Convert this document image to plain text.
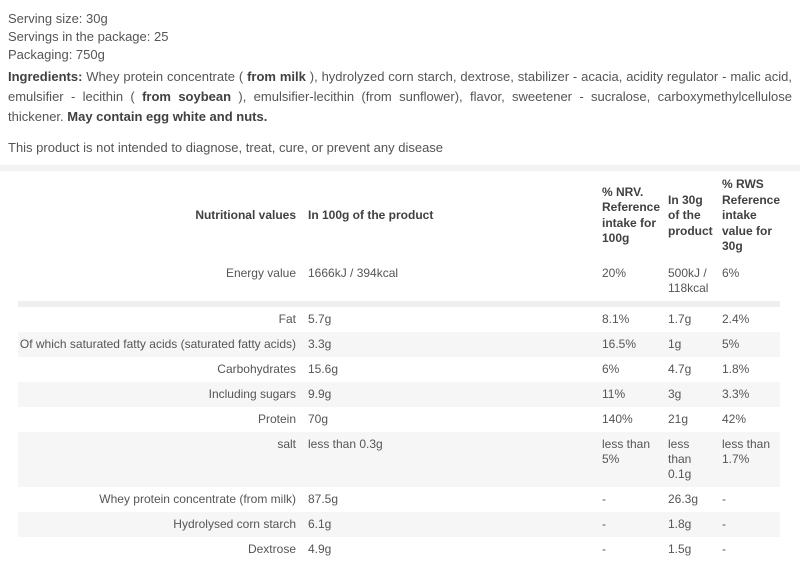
Serving size: 30g
Servings in the package: 25
Packaging: 750g

Ingredients: Whey protein concentrate ( from milk ), hydrolyzed corn starch, dextrose, stabilizer - acacia, acidity regulator - malic acid, emulsifier - lecithin ( from soybean ), emulsifier-lecithin (from sunflower), flavor, sweetener - sucralose, carboxymethylcellulose thickener. May contain egg white and nuts.

This product is not intended to diagnose, treat, cure, or prevent any disease
Nutritional values	In 100g of the product	% NRV. Reference intake for 100g	In 30g of the product	% RWS Reference intake value for 30g
Energy value	1666kJ / 394kcal	20%	500kJ / 118kcal	6%

Fat	5.7g	8.1%	1.7g	2.4%
Of which saturated fatty acids (saturated fatty acids)	3.3g	16.5%	1g	5%
Carbohydrates	15.6g	6%	4.7g	1.8%
Including sugars	9.9g	11%	3g	3.3%
Protein	70g	140%	21g	42%
salt	less than 0.3g	less than 5%	less than 0.1g	less than 1.7%
Whey protein concentrate (from milk)	87.5g	-	26.3g	-
Hydrolysed corn starch	6.1g	-	1.8g	-
Dextrose	4.9g	-	1.5g	-
